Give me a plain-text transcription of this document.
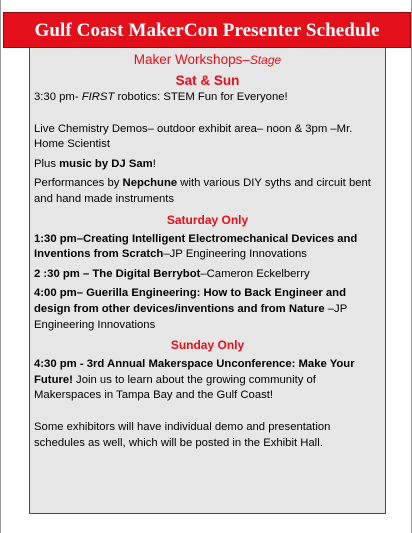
Gulf Coast MakerCon Presenter Schedule
Maker Workshops–Stage
Sat & Sun

3:30 pm- FIRST robotics: STEM Fun for Everyone!

Live Chemistry Demos– outdoor exhibit area– noon & 3pm –Mr. Home Scientist

Plus music by DJ Sam!

Performances by Nepchune with various DIY syths and circuit bent and hand made instruments

Saturday Only

1:30 pm–Creating Intelligent Electromechanical Devices and Inventions from Scratch–JP Engineering Innovations

2 :30 pm – The Digital Berrybot–Cameron Eckelberry

4:00 pm– Guerilla Engineering: How to Back Engineer and design from other devices/inventions and from Nature –JP Engineering Innovations

Sunday Only

4:30 pm - 3rd Annual Makerspace Unconference: Make Your Future! Join us to learn about the growing community of Makerspaces in Tampa Bay and the Gulf Coast!

Some exhibitors will have individual demo and presentation schedules as well, which will be posted in the Exhibit Hall.
